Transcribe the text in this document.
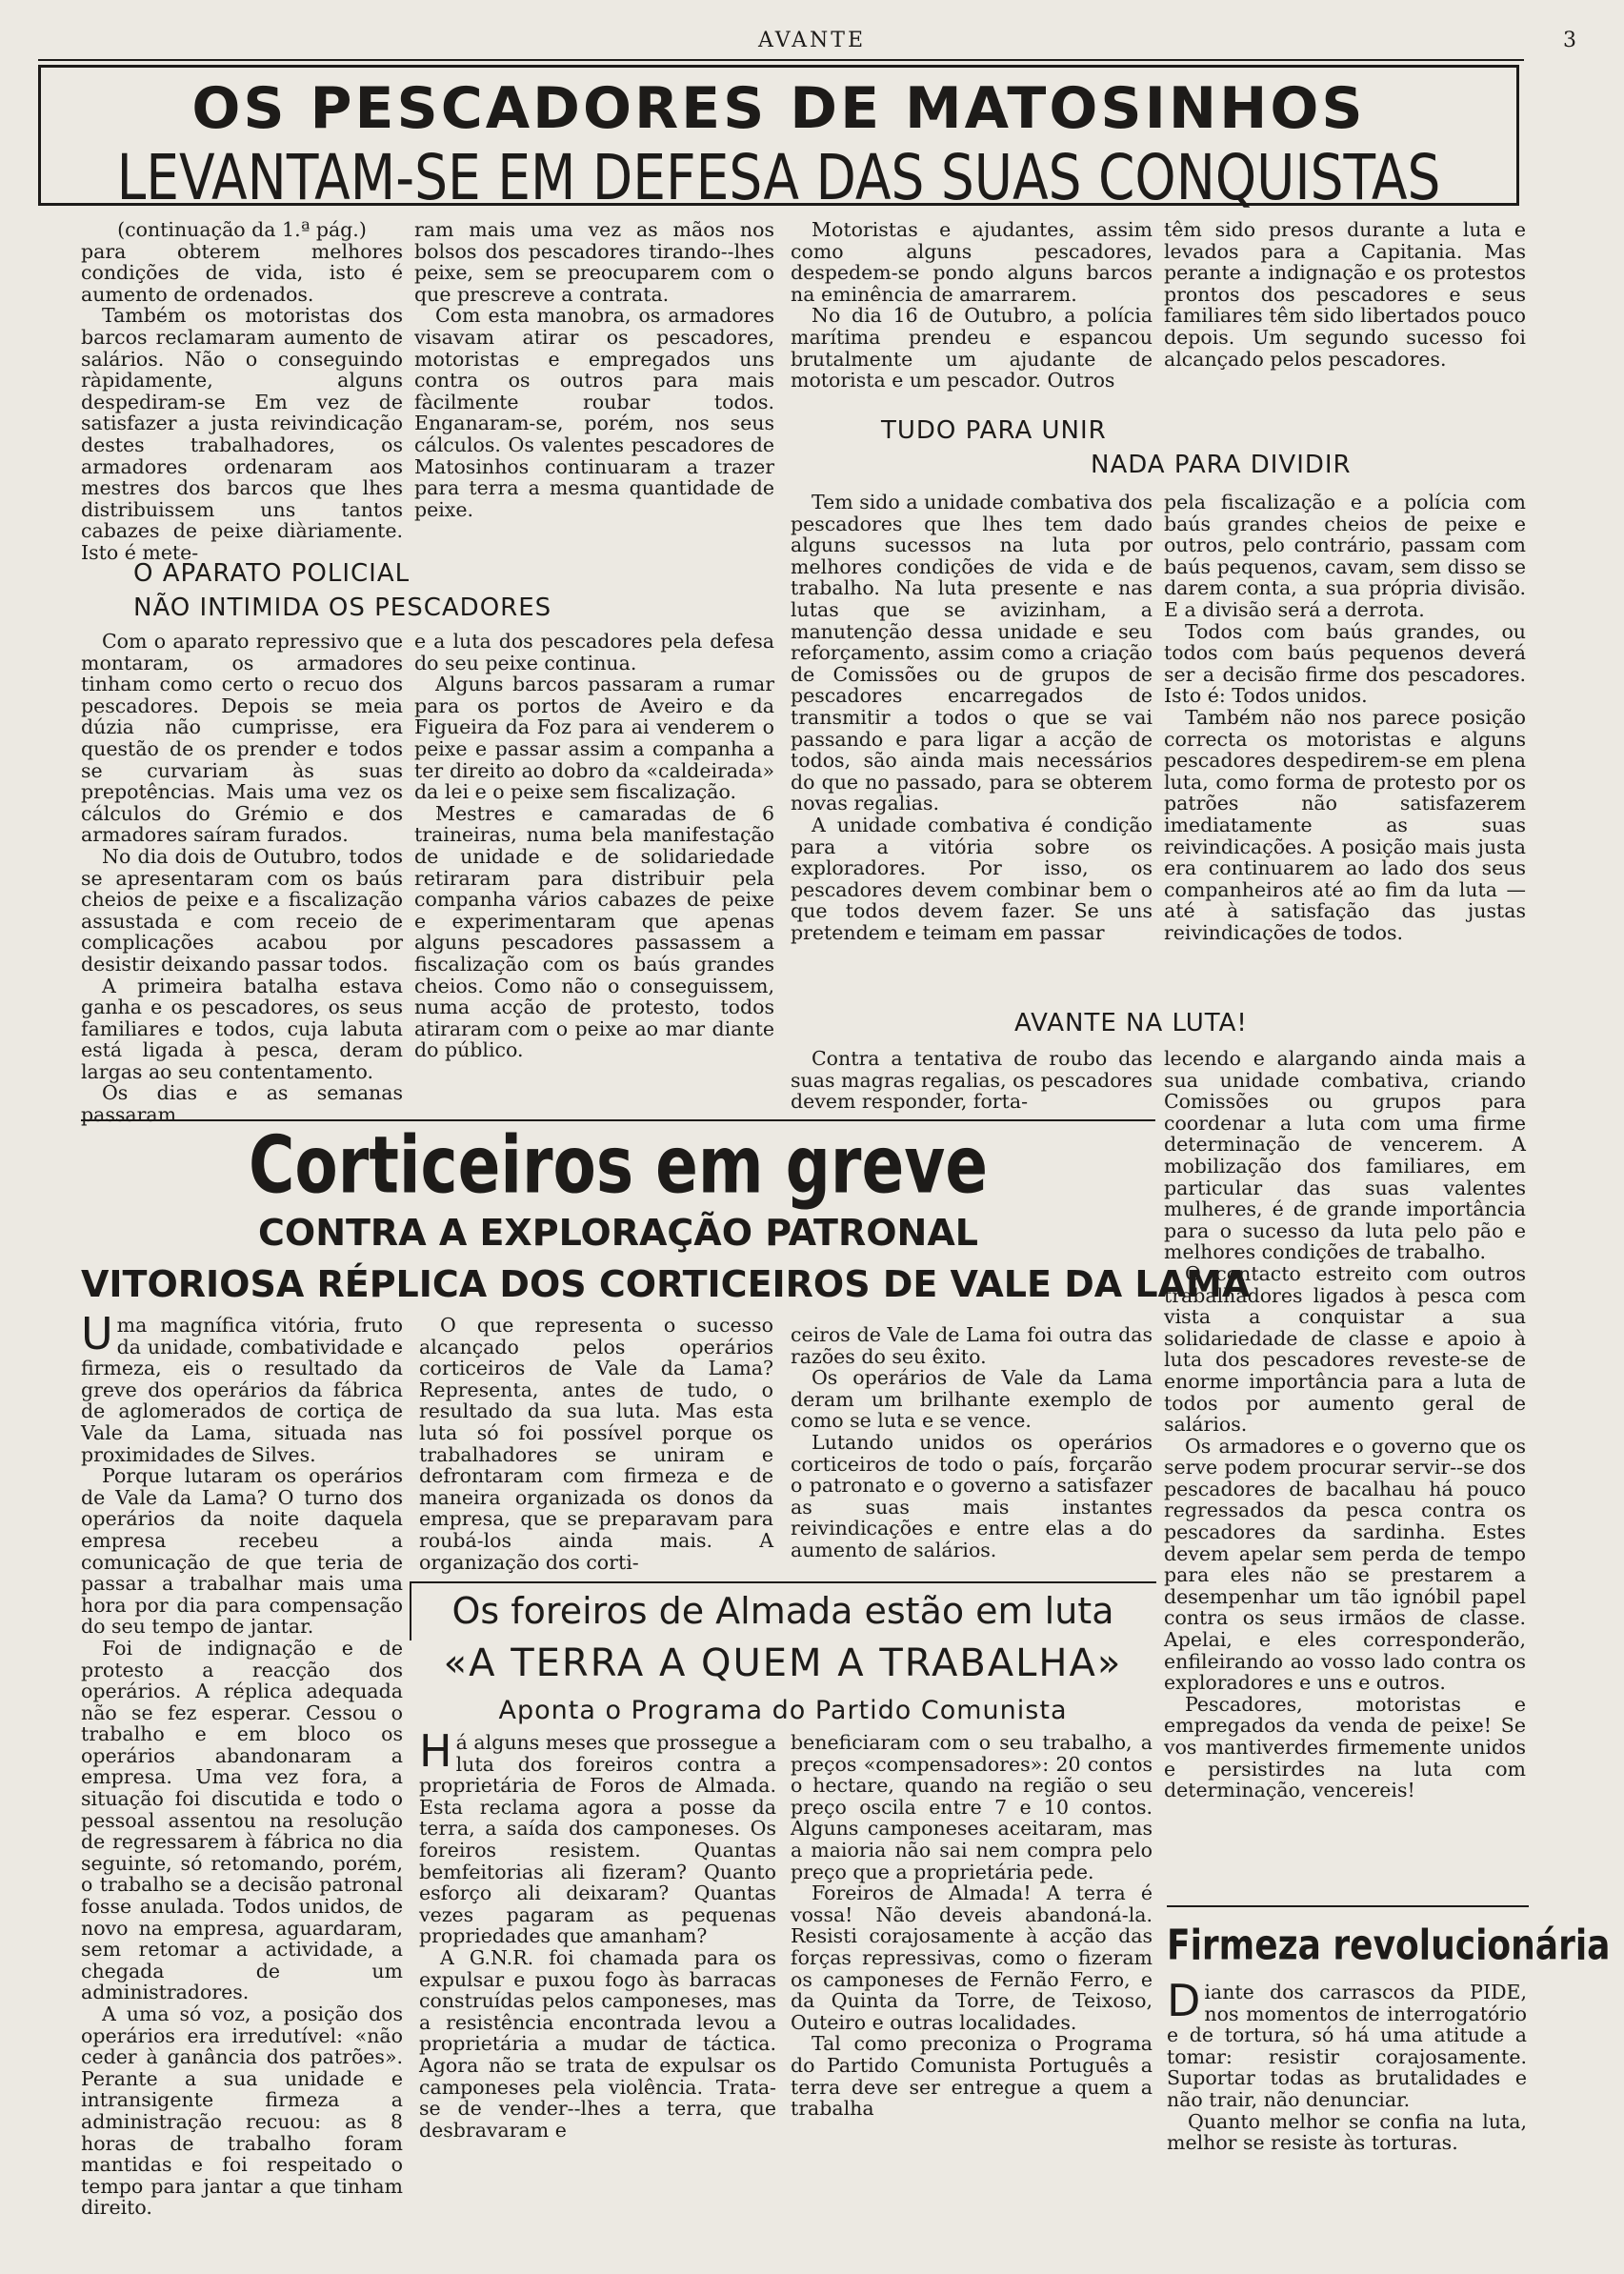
AVANTE	3
OS PESCADORES DE MATOSINHOS
LEVANTAM-SE EM DEFESA DAS SUAS CONQUISTAS

(continuação da 1.ª pág.)

para obterem melhores condições de vida, isto é aumento de ordenados.

Também os motoristas dos barcos reclamaram aumento de salários. Não o conseguindo ràpidamente, alguns despediram-se Em vez de satisfazer a justa reivindicação destes trabalhadores, os armadores ordenaram aos mestres dos barcos que lhes distribuissem uns tantos cabazes de peixe diàriamente. Isto é mete-

ram mais uma vez as mãos nos bolsos dos pescadores tirando--lhes peixe, sem se preocuparem com o que prescreve a contrata.

Com esta manobra, os armadores visavam atirar os pescadores, motoristas e empregados uns contra os outros para mais fàcilmente roubar todos. Enganaram-se, porém, nos seus cálculos. Os valentes pescadores de Matosinhos continuaram a trazer para terra a mesma quantidade de peixe.

O APARATO POLICIAL
NÃO INTIMIDA OS PESCADORES

Com o aparato repressivo que montaram, os armadores tinham como certo o recuo dos pescadores. Depois se meia dúzia não cumprisse, era questão de os prender e todos se curvariam às suas prepotências. Mais uma vez os cálculos do Grémio e dos armadores saíram furados.

No dia dois de Outubro, todos se apresentaram com os baús cheios de peixe e a fiscalização assustada e com receio de complicações acabou por desistir deixando passar todos.

A primeira batalha estava ganha e os pescadores, os seus familiares e todos, cuja labuta está ligada à pesca, deram largas ao seu contentamento.

Os dias e as semanas passaram

e a luta dos pescadores pela defesa do seu peixe continua.

Alguns barcos passaram a rumar para os portos de Aveiro e da Figueira da Foz para ai venderem o peixe e passar assim a companha a ter direito ao dobro da «caldeirada» da lei e o peixe sem fiscalização.

Mestres e camaradas de 6 traineiras, numa bela manifestação de unidade e de solidariedade retiraram para distribuir pela companha vários cabazes de peixe e experimentaram que apenas alguns pescadores passassem a fiscalização com os baús grandes cheios. Como não o conseguissem, numa acção de protesto, todos atiraram com o peixe ao mar diante do público.

Motoristas e ajudantes, assim como alguns pescadores, despedem-se pondo alguns barcos na eminência de amarrarem.

No dia 16 de Outubro, a polícia marítima prendeu e espancou brutalmente um ajudante de motorista e um pescador. Outros

têm sido presos durante a luta e levados para a Capitania. Mas perante a indignação e os protestos prontos dos pescadores e seus familiares têm sido libertados pouco depois. Um segundo sucesso foi alcançado pelos pescadores.

TUDO PARA UNIR
NADA PARA DIVIDIR

Tem sido a unidade combativa dos pescadores que lhes tem dado alguns sucessos na luta por melhores condições de vida e de trabalho. Na luta presente e nas lutas que se avizinham, a manutenção dessa unidade e seu reforçamento, assim como a criação de Comissões ou de grupos de pescadores encarregados de transmitir a todos o que se vai passando e para ligar a acção de todos, são ainda mais necessários do que no passado, para se obterem novas regalias.

A unidade combativa é condição para a vitória sobre os exploradores. Por isso, os pescadores devem combinar bem o que todos devem fazer. Se uns pretendem e teimam em passar

pela fiscalização e a polícia com baús grandes cheios de peixe e outros, pelo contrário, passam com baús pequenos, cavam, sem disso se darem conta, a sua própria divisão. E a divisão será a derrota.

Todos com baús grandes, ou todos com baús pequenos deverá ser a decisão firme dos pescadores. Isto é: Todos unidos.

Também não nos parece posição correcta os motoristas e alguns pescadores despedirem-se em plena luta, como forma de protesto por os patrões não satisfazerem imediatamente as suas reivindicações. A posição mais justa era continuarem ao lado dos seus companheiros até ao fim da luta — até à satisfação das justas reivindicações de todos.

AVANTE NA LUTA!

Contra a tentativa de roubo das suas magras regalias, os pescadores devem responder, forta-

lecendo e alargando ainda mais a sua unidade combativa, criando Comissões ou grupos para coordenar a luta com uma firme determinação de vencerem. A mobilização dos familiares, em particular das suas valentes mulheres, é de grande importância para o sucesso da luta pelo pão e melhores condições de trabalho.

O contacto estreito com outros trabalhadores ligados à pesca com vista a conquistar a sua solidariedade de classe e apoio à luta dos pescadores reveste-se de enorme importância para a luta de todos por aumento geral de salários.

Os armadores e o governo que os serve podem procurar servir--se dos pescadores de bacalhau há pouco regressados da pesca contra os pescadores da sardinha. Estes devem apelar sem perda de tempo para eles não se prestarem a desempenhar um tão ignóbil papel contra os seus irmãos de classe. Apelai, e eles corresponderão, enfileirando ao vosso lado contra os exploradores e uns e outros.

Pescadores, motoristas e empregados da venda de peixe! Se vos mantiverdes firmemente unidos e persistirdes na luta com determinação, vencereis!

Corticeiros em greve
CONTRA A EXPLORAÇÃO PATRONAL
VITORIOSA RÉPLICA DOS CORTICEIROS DE VALE DA LAMA

Uma magnífica vitória, fruto da unidade, combatividade e firmeza, eis o resultado da greve dos operários da fábrica de aglomerados de cortiça de Vale da Lama, situada nas proximidades de Silves.

Porque lutaram os operários de Vale da Lama? O turno dos operários da noite daquela empresa recebeu a comunicação de que teria de passar a trabalhar mais uma hora por dia para compensação do seu tempo de jantar.

Foi de indignação e de protesto a reacção dos operários. A réplica adequada não se fez esperar. Cessou o trabalho e em bloco os operários abandonaram a empresa. Uma vez fora, a situação foi discutida e todo o pessoal assentou na resolução de regressarem à fábrica no dia seguinte, só retomando, porém, o trabalho se a decisão patronal fosse anulada. Todos unidos, de novo na empresa, aguardaram, sem retomar a actividade, a chegada de um administradores.

A uma só voz, a posição dos operários era irredutível: «não ceder à ganância dos patrões». Perante a sua unidade e intransigente firmeza a administração recuou: as 8 horas de trabalho foram mantidas e foi respeitado o tempo para jantar a que tinham direito.

O que representa o sucesso alcançado pelos operários corticeiros de Vale da Lama? Representa, antes de tudo, o resultado da sua luta. Mas esta luta só foi possível porque os trabalhadores se uniram e defrontaram com firmeza e de maneira organizada os donos da empresa, que se preparavam para roubá-los ainda mais. A organização dos corti-

ceiros de Vale de Lama foi outra das razões do seu êxito.

Os operários de Vale da Lama deram um brilhante exemplo de como se luta e se vence.

Lutando unidos os operários corticeiros de todo o país, forçarão o patronato e o governo a satisfazer as suas mais instantes reivindicações e entre elas a do aumento de salários.

Os foreiros de Almada estão em luta
«A TERRA A QUEM A TRABALHA»
Aponta o Programa do Partido Comunista

Há alguns meses que prossegue a luta dos foreiros contra a proprietária de Foros de Almada. Esta reclama agora a posse da terra, a saída dos camponeses. Os foreiros resistem. Quantas bemfeitorias ali fizeram? Quanto esforço ali deixaram? Quantas vezes pagaram as pequenas propriedades que amanham?

A G.N.R. foi chamada para os expulsar e puxou fogo às barracas construídas pelos camponeses, mas a resistência encontrada levou a proprietária a mudar de táctica. Agora não se trata de expulsar os camponeses pela violência. Trata-se de vender--lhes a terra, que desbravaram e

beneficiaram com o seu trabalho, a preços «compensadores»: 20 contos o hectare, quando na região o seu preço oscila entre 7 e 10 contos. Alguns camponeses aceitaram, mas a maioria não sai nem compra pelo preço que a proprietária pede.

Foreiros de Almada! A terra é vossa! Não deveis abandoná-la. Resisti corajosamente à acção das forças repressivas, como o fizeram os camponeses de Fernão Ferro, e da Quinta da Torre, de Teixoso, Outeiro e outras localidades.

Tal como preconiza o Programa do Partido Comunista Português a terra deve ser entregue a quem a trabalha

Firmeza revolucionária

Diante dos carrascos da PIDE, nos momentos de interrogatório e de tortura, só há uma atitude a tomar: resistir corajosamente. Suportar todas as brutalidades e não trair, não denunciar.

Quanto melhor se confia na luta, melhor se resiste às torturas.
